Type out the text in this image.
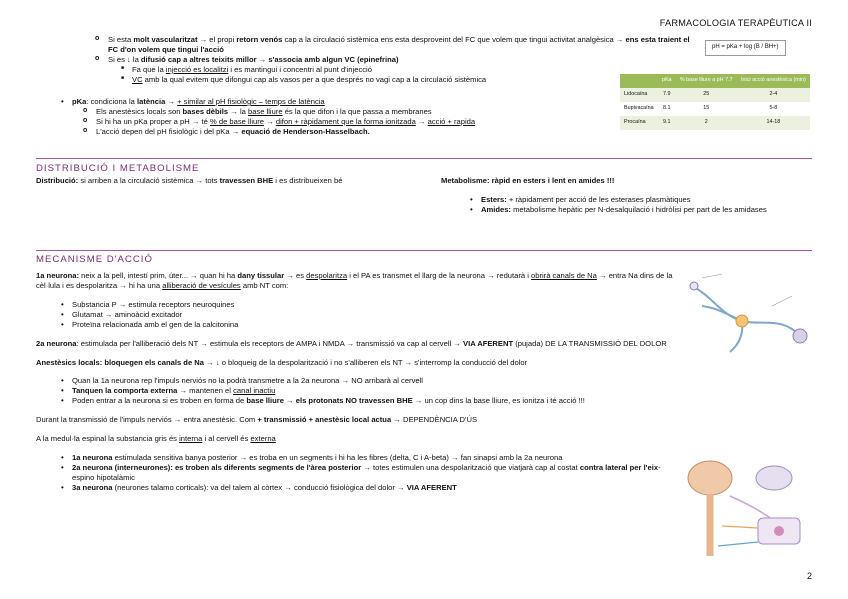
FARMACOLOGIA TERAPÈUTICA II
o Si esta molt vascularitzat → el propi retorn venós cap a la circulació sistèmica ens esta desproveint del FC que volem que tingui activitat analgèsica → ens esta traient el FC d'on volem que tingui l'acció
o Si es ↓ la difusió cap a altres teixits millor → s'associa amb algun VC (epinefrina)
■ Fa que la injecció es localitzi i es mantingui i concentri al punt d'injecció
■ VC amb la qual evitem que difongui cap als vasos per a que després no vagi cap a la circulació sistèmica
• pKa: condiciona la latència → + similar al pH fisiològic – temps de latència
o Els anestèsics locals son bases dèbils → la base lliure és la que difon i la que passa a membranes
o Si hi ha un pKa proper a pH → té % de base lliure → difon + ràpidament que la forma ionitzada → acció + rapida
o L'acció depen del pH fisiològic i del pKa → equació de Henderson-Hasselbach.
pH = pKa + log (B / BH+)
	pKa	% base lliure a pH 7.7	Inici acció anestèsica (min)
Lidocaïna	7.9	25	2-4
Bupivacaïna	8.1	15	5-8
Procaïna	9.1	2	14-18
DISTRIBUCIÓ I METABOLISME
Distribució: si arriben a la circulació sistèmica → tots travessen BHE i es distribueixen bé	Metabolisme: ràpid en esters i lent en amides !!!
• Esters: + ràpidament per acció de les esterases plasmàtiques
• Amides: metabolisme hepàtic per N-desalquilació i hidròlisi per part de les amidases
MECANISME D'ACCIÓ

1a neurona: neix a la pell, intestí prim, úter... → quan hi ha dany tissular → es despolaritza i el PA es transmet el llarg de la neurona → redutarà i obrirà canals de Na → entra Na dins de la cèl·lula i es despolaritza → hi ha una alliberació de vesícules amb NT com:

• Substancia P → estimula receptors neuroquines
• Glutamat → aminoàcid excitador
• Proteïna relacionada amb el gen de la calcitonina

2a neurona: estimulada per l'alliberació dels NT → estimula els receptors de AMPA i NMDA → transmissió va cap al cervell → VIA AFERENT (pujada) DE LA TRANSMISSIÓ DEL DOLOR

Anestèsics locals: bloquegen els canals de Na → ↓ o bloqueig de la despolarització i no s'alliberen els NT → s'interromp la conducció del dolor

• Quan la 1a neurona rep l'impuls nerviós no la podrà transmetre a la 2a neurona → NO arribarà al cervell
• Tanquen la comporta externa → mantenen el canal inactiu
• Poden entrar a la neurona si es troben en forma de base lliure → els protonats NO travessen BHE → un cop dins la base lliure, es ionitza i té acció !!!

Durant la transmissió de l'impuls nerviós → entra anestèsic. Com + transmissió + anestèsic local actua → DEPENDÈNCIA D'ÚS

A la medul·la espinal la substancia gris és interna i al cervell és externa

• 1a neurona estimulada sensitiva banya posterior → es troba en un segments i hi ha les fibres (delta, C i A-beta) → fan sinapsi amb la 2a neurona
• 2a neurona (interneurones): es troben als diferents segments de l'àrea posterior → totes estimulen una despolarització que viatjarà cap al costat contra lateral per l'eix- espino hipotalàmic
• 3a neurona (neurones talamo corticals): va del talem al còrtex → conducció fisiològica del dolor → VIA AFERENT
2
